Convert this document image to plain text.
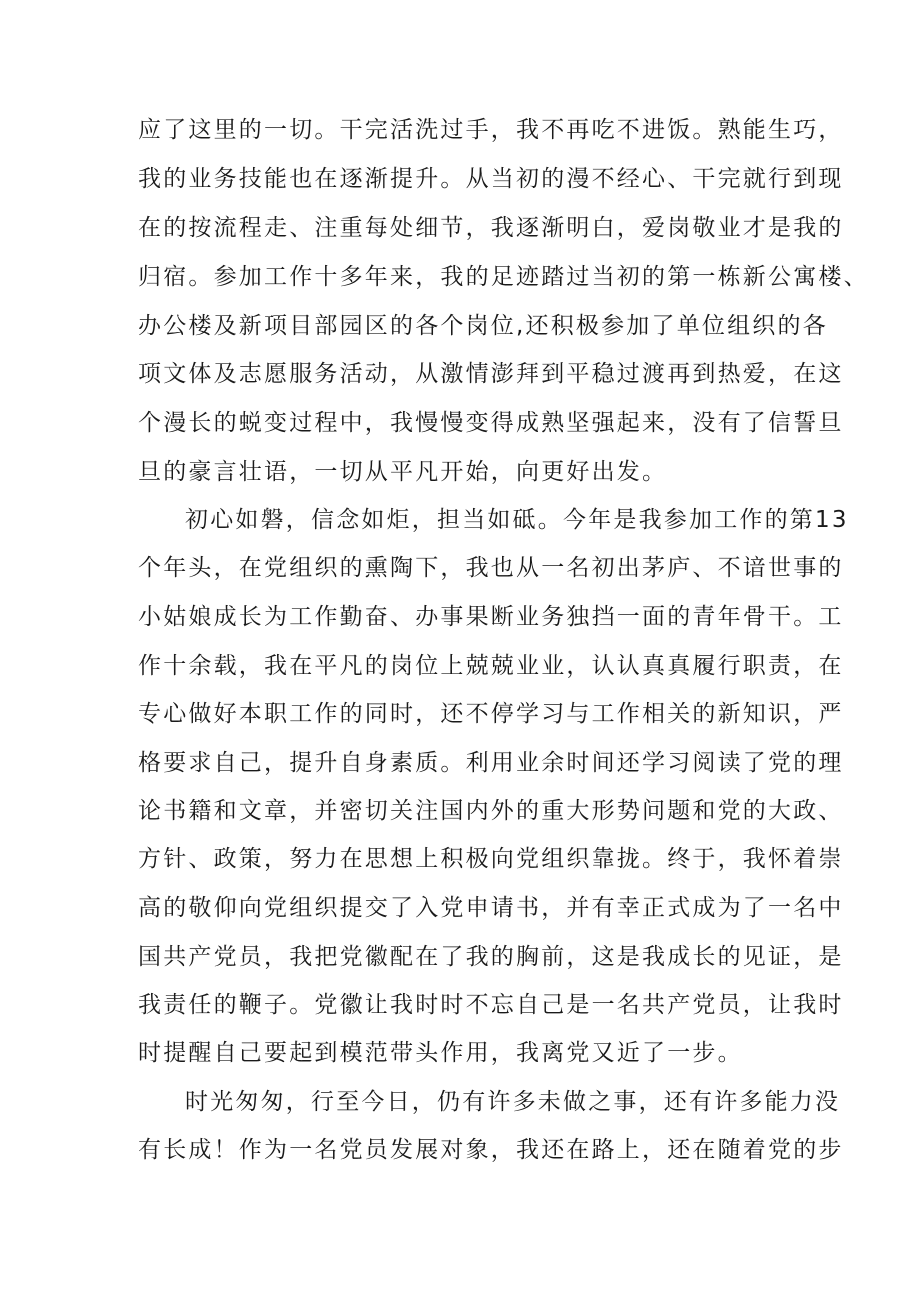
应了这里的一切。干完活洗过手，我不再吃不进饭。熟能生巧，
我的业务技能也在逐渐提升。从当初的漫不经心、干完就行到现
在的按流程走、注重每处细节，我逐渐明白，爱岗敬业才是我的
归宿。参加工作十多年来，我的足迹踏过当初的第一栋新公寓楼、
办公楼及新项目部园区的各个岗位,还积极参加了单位组织的各
项文体及志愿服务活动，从激情澎拜到平稳过渡再到热爱，在这
个漫长的蜕变过程中，我慢慢变得成熟坚强起来，没有了信誓旦
旦的豪言壮语，一切从平凡开始，向更好出发。
初心如磐，信念如炬，担当如砥。今年是我参加工作的第13
个年头，在党组织的熏陶下，我也从一名初出茅庐、不谙世事的
小姑娘成长为工作勤奋、办事果断业务独挡一面的青年骨干。工
作十余载，我在平凡的岗位上兢兢业业，认认真真履行职责，在
专心做好本职工作的同时，还不停学习与工作相关的新知识，严
格要求自己，提升自身素质。利用业余时间还学习阅读了党的理
论书籍和文章，并密切关注国内外的重大形势问题和党的大政、
方针、政策，努力在思想上积极向党组织靠拢。终于，我怀着崇
高的敬仰向党组织提交了入党申请书，并有幸正式成为了一名中
国共产党员，我把党徽配在了我的胸前，这是我成长的见证，是
我责任的鞭子。党徽让我时时不忘自己是一名共产党员，让我时
时提醒自己要起到模范带头作用，我离党又近了一步。
时光匆匆，行至今日，仍有许多未做之事，还有许多能力没
有长成！作为一名党员发展对象，我还在路上，还在随着党的步
